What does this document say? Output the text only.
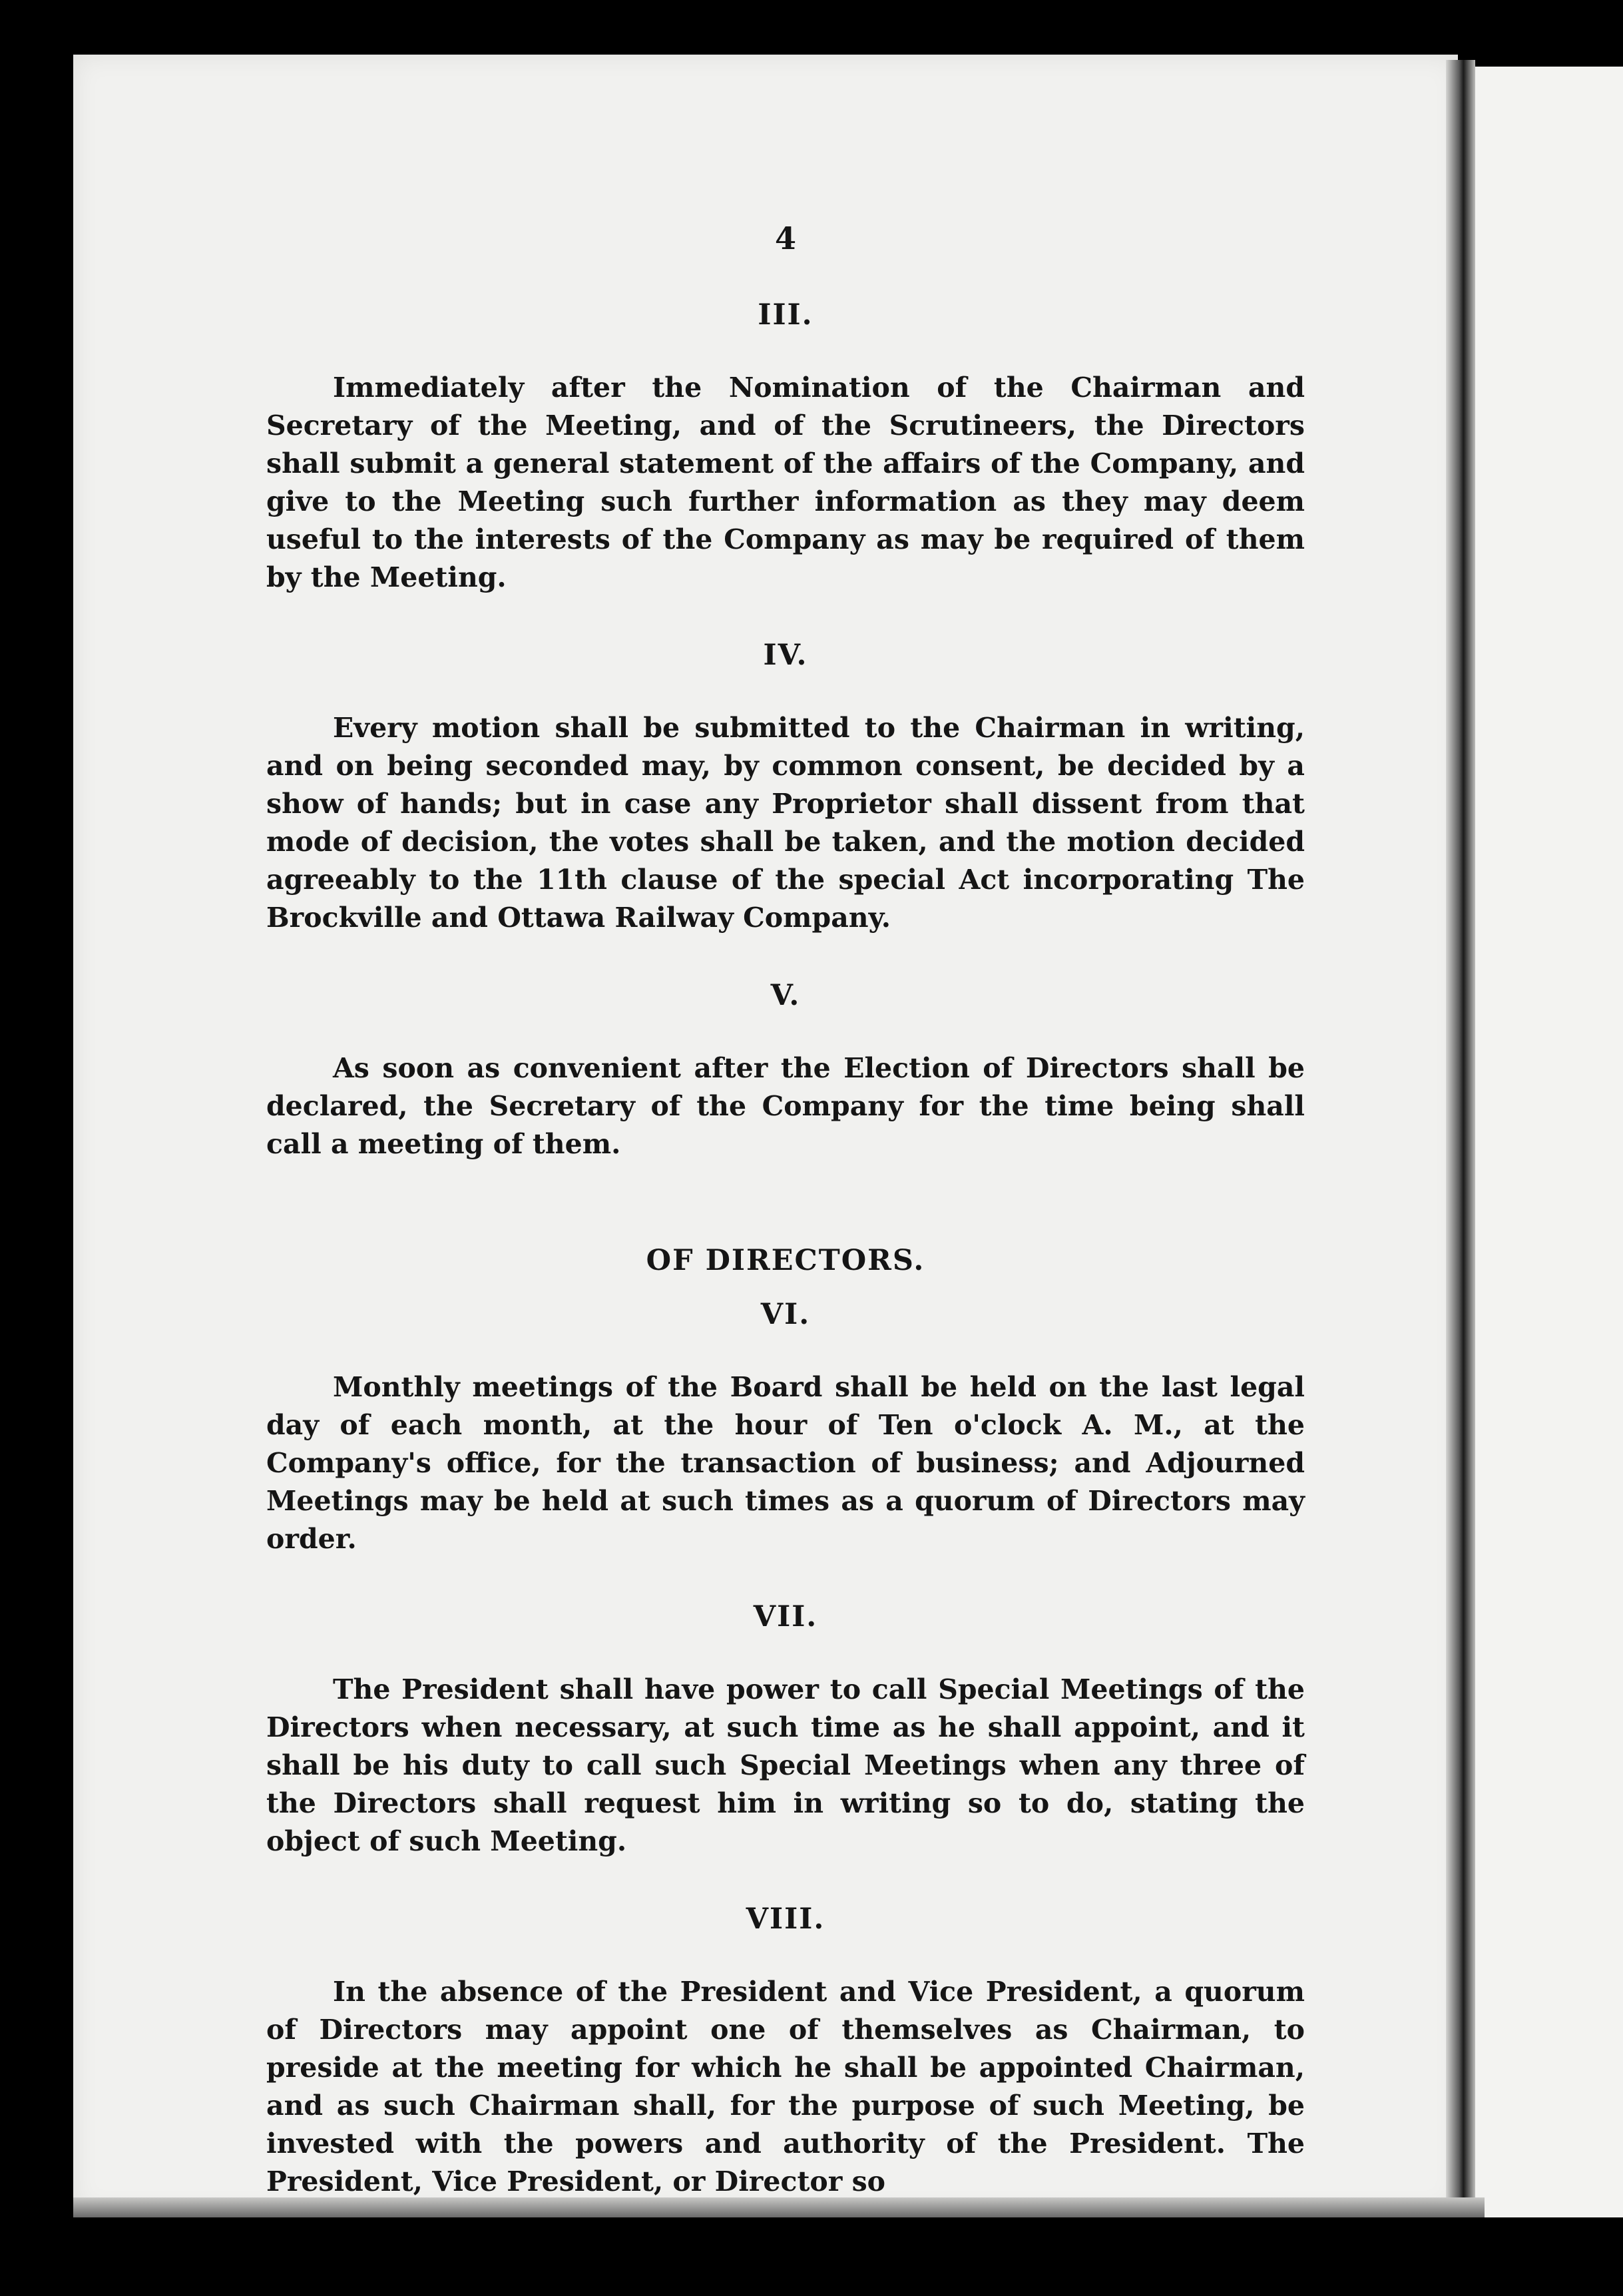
4
III.

Immediately after the Nomination of the Chairman and Secretary of the Meeting, and of the Scrutineers, the Directors shall submit a general statement of the affairs of the Company, and give to the Meeting such further information as they may deem useful to the interests of the Company as may be required of them by the Meeting.

IV.

Every motion shall be submitted to the Chairman in writing, and on being seconded may, by common consent, be decided by a show of hands; but in case any Proprietor shall dissent from that mode of decision, the votes shall be taken, and the motion decided agreeably to the 11th clause of the special Act incorporating The Brockville and Ottawa Railway Company.

V.

As soon as convenient after the Election of Directors shall be declared, the Secretary of the Company for the time being shall call a meeting of them.

OF DIRECTORS.
VI.

Monthly meetings of the Board shall be held on the last legal day of each month, at the hour of Ten o'clock A. M., at the Company's office, for the transaction of business; and Adjourned Meetings may be held at such times as a quorum of Directors may order.

VII.

The President shall have power to call Special Meetings of the Directors when necessary, at such time as he shall appoint, and it shall be his duty to call such Special Meetings when any three of the Directors shall request him in writing so to do, stating the object of such Meeting.

VIII.

In the absence of the President and Vice President, a quorum of Directors may appoint one of themselves as Chairman, to preside at the meeting for which he shall be appointed Chairman, and as such Chairman shall, for the purpose of such Meeting, be invested with the powers and authority of the President. The President, Vice President, or Director so
